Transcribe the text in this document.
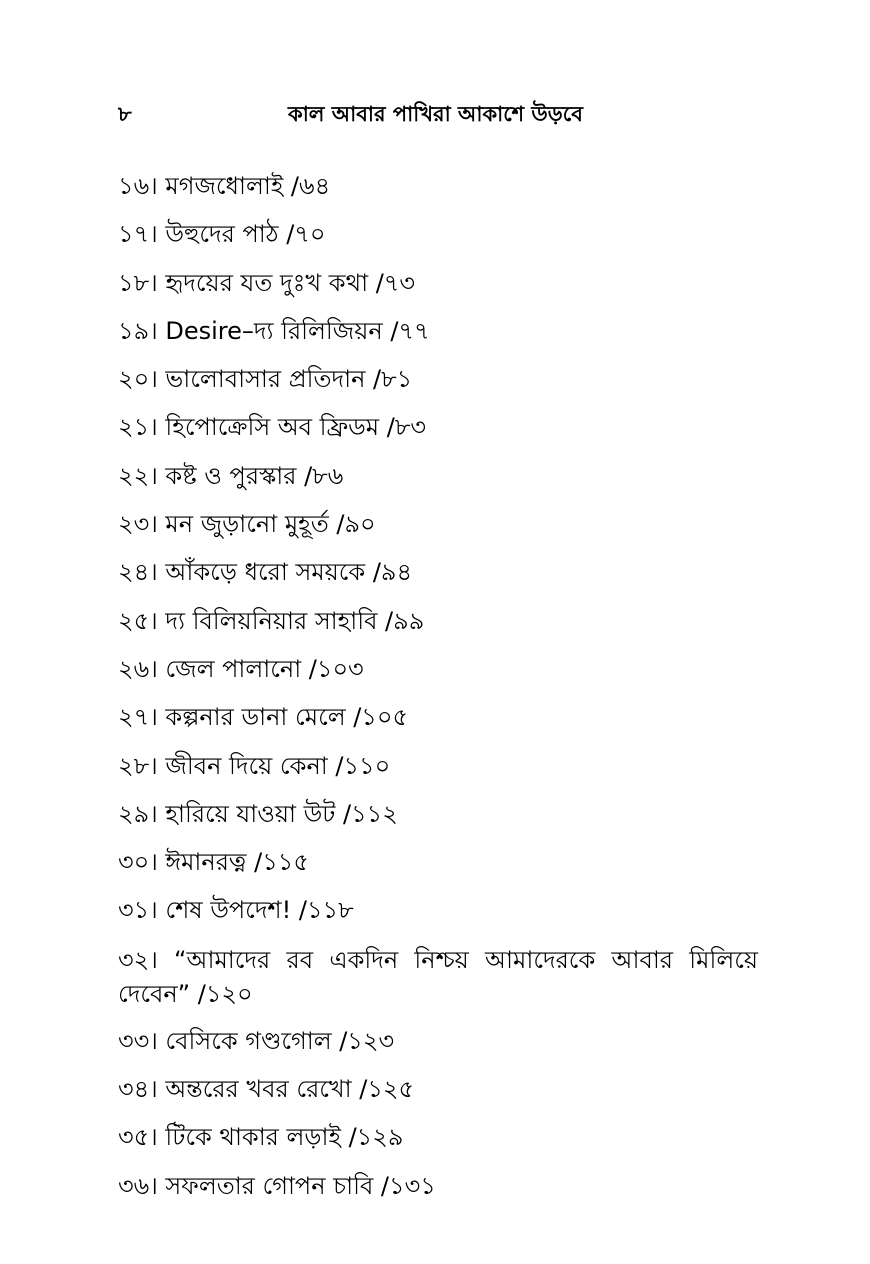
৮	কাল আবার পাখিরা আকাশে উড়বে
১৬। মগজধোলাই /৬৪
১৭। উহুদের পাঠ /৭০
১৮। হৃদয়ের যত দুঃখ কথা /৭৩
১৯। Desire–দ্য রিলিজিয়ন /৭৭
২০। ভালোবাসার প্রতিদান /৮১
২১। হিপোক্রেসি অব ফ্রিডম /৮৩
২২। কষ্ট ও পুরস্কার /৮৬
২৩। মন জুড়ানো মুহূর্ত /৯০
২৪। আঁকড়ে ধরো সময়কে /৯৪
২৫। দ্য বিলিয়নিয়ার সাহাবি /৯৯
২৬। জেল পালানো /১০৩
২৭। কল্পনার ডানা মেলে /১০৫
২৮। জীবন দিয়ে কেনা /১১০
২৯। হারিয়ে যাওয়া উট /১১২
৩০। ঈমানরত্ন /১১৫
৩১। শেষ উপদেশ! /১১৮
৩২। “আমাদের রব একদিন নিশ্চয় আমাদেরকে আবার মিলিয়ে দেবেন” /১২০
৩৩। বেসিকে গণ্ডগোল /১২৩
৩৪। অন্তরের খবর রেখো /১২৫
৩৫। টিকে থাকার লড়াই /১২৯
৩৬। সফলতার গোপন চাবি /১৩১
